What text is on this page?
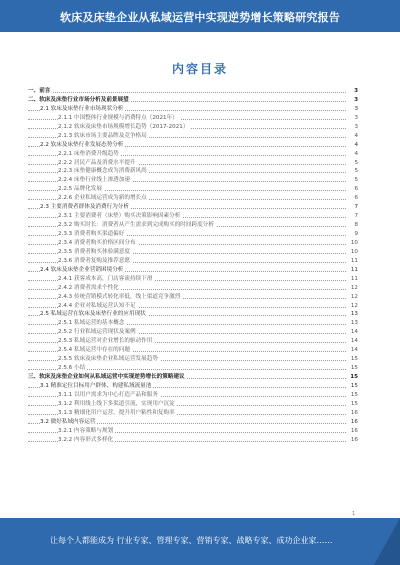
软床及床垫企业从私域运营中实现逆势增长策略研究报告
内容目录
一、前言	3
二、软床及床垫行业市场分析及前景展望	3
2.1 软床及床垫行业市场现状分析	3
2.1.1 中国整体行业规模与消费特点（2021年）	3
2.1.2 软床及床垫市场规模增长趋势（2017-2021）	3
2.1.3 软床市场主要品牌及竞争格局	4
2.2 软床及床垫行业发展态势分析	4
2.2.1 床垫消费升级趋势	4
2.2.2 居民产品及消费水平提升	5
2.2.3 床垫健康概念成为消费新风尚	5
2.2.4 床垫行业线上渗透加速	5
2.2.5 品牌化发展	6
2.2.6 企业私域运营成为新的增长点	6
2.3 主要消费者群体及消费行为分析	7
2.3.1 主要消费者（床垫）购买决策影响因素分析	7
2.3.2 购买时长：消费者从产生需求到完成购买的时间跨度分析	8
2.3.3 消费者购买渠道偏好	9
2.3.4 消费者购买价格区间分布	10
2.3.5 消费者购买体验满意度	10
2.3.6 消费者复购及推荐意愿	11
2.4 软床及床垫企业营销困境分析	11
2.4.1 获客成本高，门店客流持续下滑	11
2.4.2 消费者需求个性化	12
2.4.3 传统营销模式转化率低，线上渠道竞争激烈	12
2.4.4 企业对私域运营认知不足	12
2.5 私域运营在软床及床垫行业的应用现状	13
2.5.1 私域运营的基本概念	13
2.5.2 行业私域运营现状及案例	14
2.5.3 私域运营对企业增长的驱动作用	14
2.5.4 私域运营中存在的问题	14
2.5.5 软床及床垫企业私域运营发展趋势	15
2.5.6 小结	15
三、软床及床垫企业如何从私域运营中实现逆势增长的策略建议	15
3.1 精准定位目标用户群体，构建私域流量池	15
3.1.1 以用户需求为中心打造产品和服务	15
3.1.2 利用线上线下多渠道引流，实现用户沉淀	15
3.1.3 精细化用户运营，提升用户粘性和复购率	16
3.2 做好私域内容运营	16
3.2.1 内容策略与规划	16
3.2.2 内容形式多样化	16
1
让每个人都能成为 行业专家、管理专家、营销专家、战略专家、成功企业家……
